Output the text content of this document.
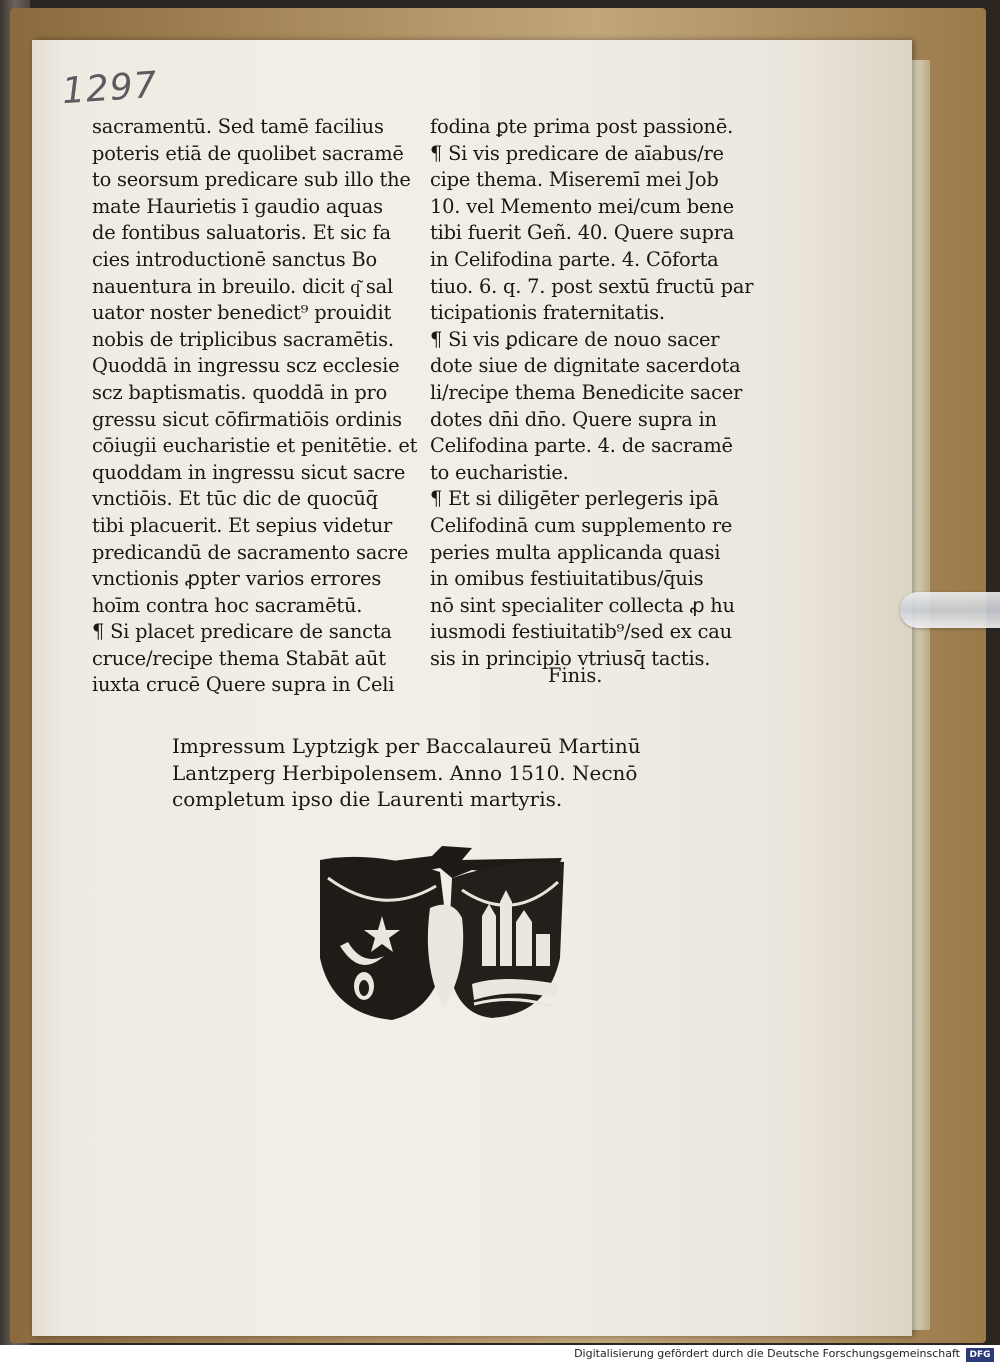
1297
sacramentū. Sed tamē facilius
poteris etiā de quolibet sacramē
to seorsum predicare sub illo the
mate Haurietis ī gaudio aquas
de fontibus saluatoris. Et sic fa
cies introductionē sanctus Bo
nauentura in breuilo. dicit q͂ sal
uator noster benedict⁹ prouidit
nobis de triplicibus sacramētis.
Quoddā in ingressu scz ecclesie
scz baptismatis. quoddā in pro
gressu sicut cōfirmatiōis ordinis
cōiugii eucharistie et penitētie. et
quoddam in ingressu sicut sacre
vnctiōis. Et tūc dic de quocūq̄
tibi placuerit. Et sepius videtur
predicandū de sacramento sacre
vnctionis ꝓpter varios errores
hoīm contra hoc sacramētū.
¶ Si placet predicare de sancta
cruce/recipe thema Stabāt aūt
iuxta crucē Quere supra in Celi
fodina ꝑte prima post passionē.
¶ Si vis predicare de aīabus/re
cipe thema. Miseremī mei Job
10. vel Memento mei/cum bene
tibi fuerit Geñ. 40. Quere supra
in Celifodina parte. 4. Cōforta
tiuo. 6. q. 7. post sextū fructū par
ticipationis fraternitatis.
¶ Si vis ꝑdicare de nouo sacer
dote siue de dignitate sacerdota
li/recipe thema Benedicite sacer
dotes dn̄i dn̄o. Quere supra in
Celifodina parte. 4. de sacramē
to eucharistie.
¶ Et si diligēter perlegeris ipā
Celifodinā cum supplemento re
peries multa applicanda quasi
in omibus festiuitatibus/q̄uis
nō sint specialiter collecta ꝓ hu
iusmodi festiuitatib⁹/sed ex cau
sis in principio vtriusq̄ tactis.
Finis.
Impressum Lyptzigk per Baccalaureū Martinū
Lantzperg Herbipolensem. Anno 1510. Necnō
completum ipso die Laurenti martyris.
Digitalisierung gefördert durch die Deutsche Forschungsgemeinschaft	DFG
